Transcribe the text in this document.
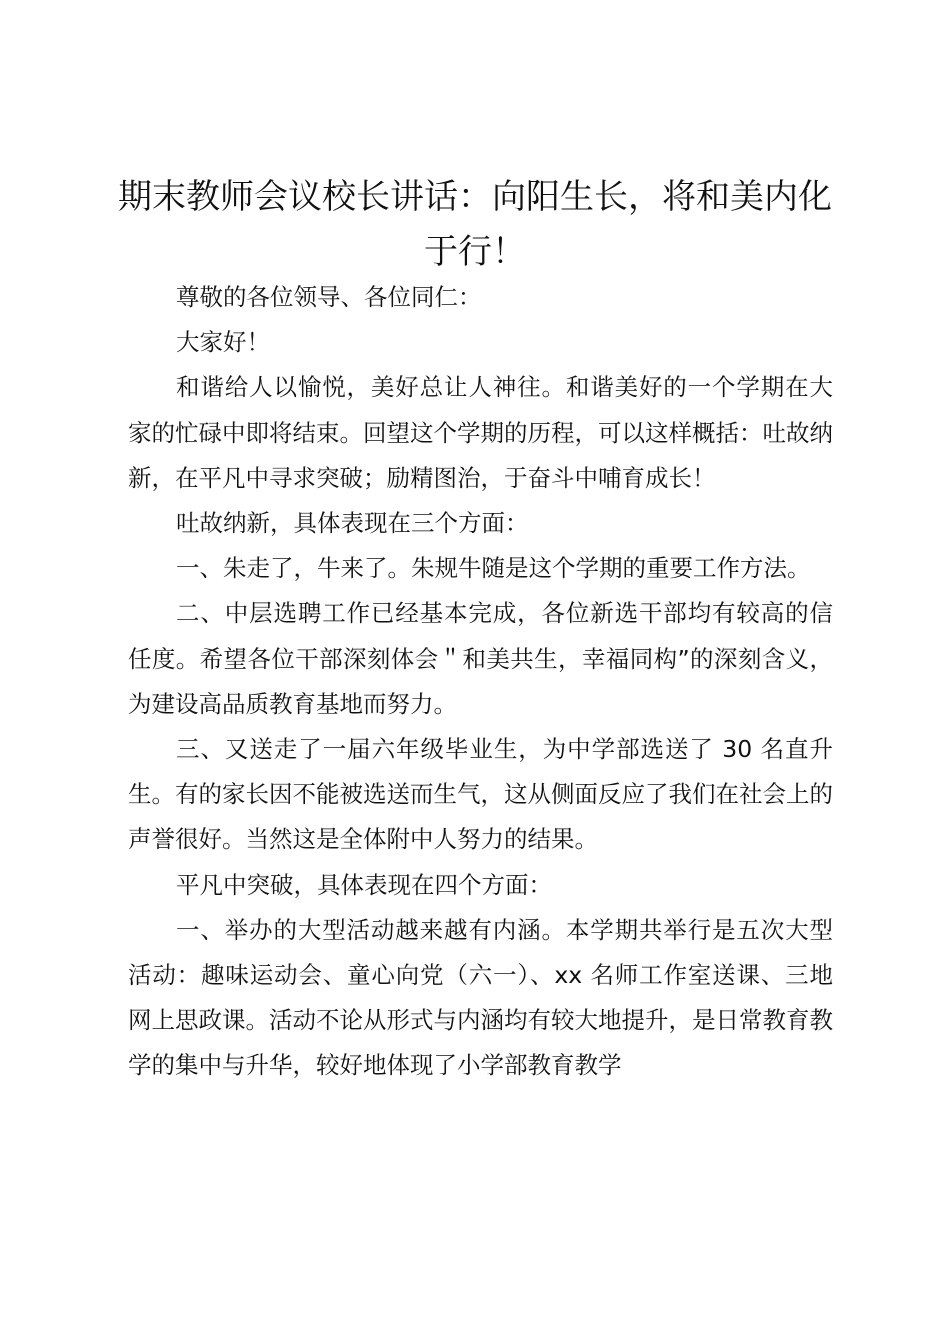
期末教师会议校长讲话：向阳生长，将和美内化于行！

尊敬的各位领导、各位同仁：

大家好！

和谐给人以愉悦，美好总让人神往。和谐美好的一个学期在大家的忙碌中即将结束。回望这个学期的历程，可以这样概括：吐故纳新，在平凡中寻求突破；励精图治，于奋斗中哺育成长！

吐故纳新，具体表现在三个方面：

一、朱走了，牛来了。朱规牛随是这个学期的重要工作方法。

二、中层选聘工作已经基本完成，各位新选干部均有较高的信任度。希望各位干部深刻体会＂和美共生，幸福同构”的深刻含义，为建设高品质教育基地而努力。

三、又送走了一届六年级毕业生，为中学部选送了 30 名直升生。有的家长因不能被选送而生气，这从侧面反应了我们在社会上的声誉很好。当然这是全体附中人努力的结果。

平凡中突破，具体表现在四个方面：

一、举办的大型活动越来越有内涵。本学期共举行是五次大型活动：趣味运动会、童心向党（六一）、xx 名师工作室送课、三地网上思政课。活动不论从形式与内涵均有较大地提升，是日常教育教学的集中与升华，较好地体现了小学部教育教学
